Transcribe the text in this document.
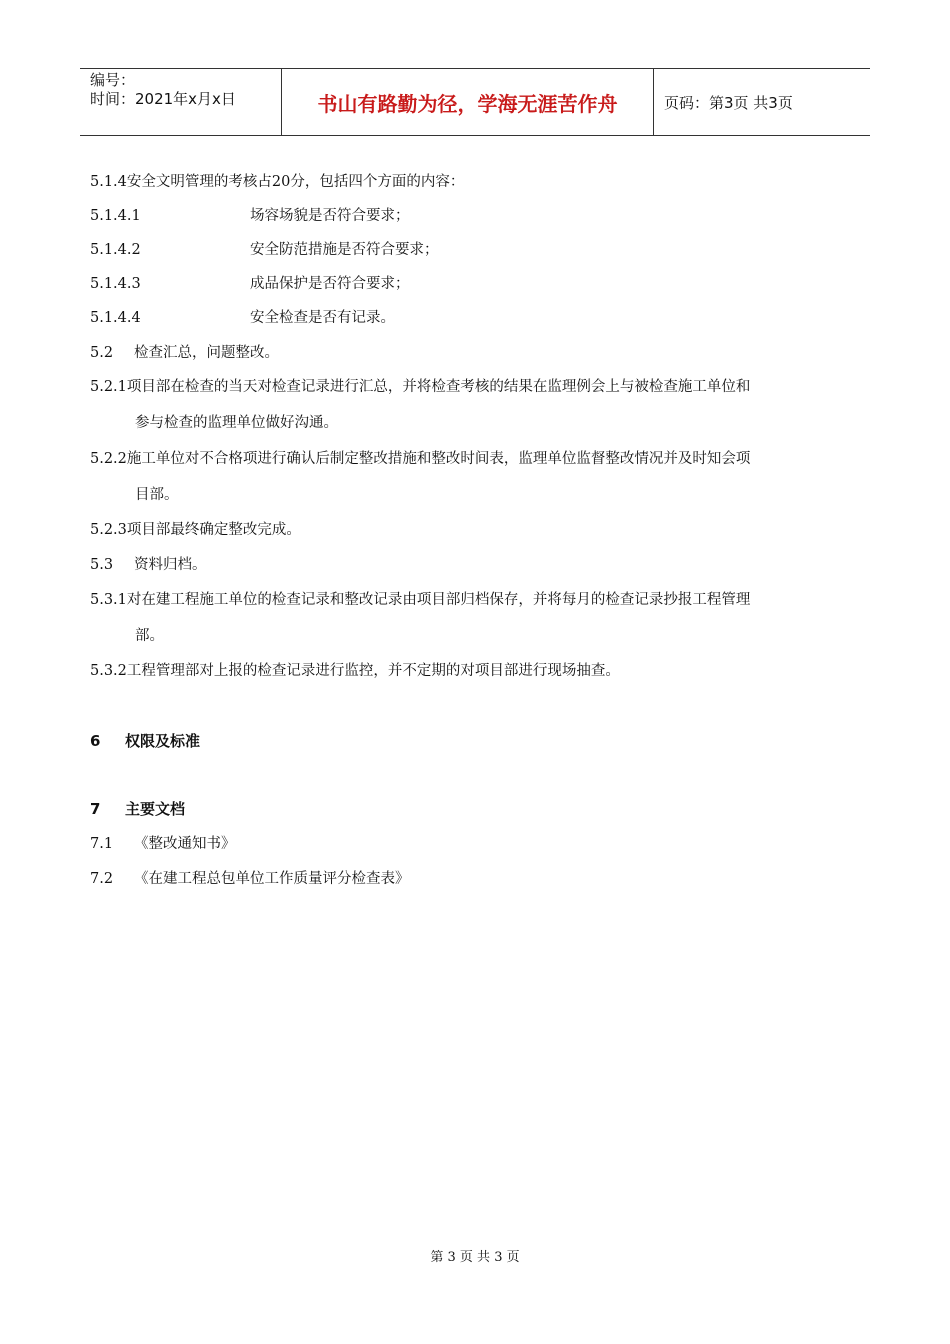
编号：
时间：2021年x月x日	书山有路勤为径，学海无涯苦作舟	页码：第3页 共3页
5.1.4安全文明管理的考核占20分，包括四个方面的内容：
5.1.4.1	场容场貌是否符合要求；
5.1.4.2	安全防范措施是否符合要求；
5.1.4.3	成品保护是否符合要求；
5.1.4.4	安全检查是否有记录。
5.2 检查汇总，问题整改。
5.2.1项目部在检查的当天对检查记录进行汇总，并将检查考核的结果在监理例会上与被检查施工单位和
参与检查的监理单位做好沟通。
5.2.2施工单位对不合格项进行确认后制定整改措施和整改时间表，监理单位监督整改情况并及时知会项
目部。
5.2.3项目部最终确定整改完成。
5.3 资料归档。
5.3.1对在建工程施工单位的检查记录和整改记录由项目部归档保存，并将每月的检查记录抄报工程管理
部。
5.3.2工程管理部对上报的检查记录进行监控，并不定期的对项目部进行现场抽查。
6 权限及标准
7 主要文档
7.1 《整改通知书》
7.2 《在建工程总包单位工作质量评分检查表》
第 3 页 共 3 页
